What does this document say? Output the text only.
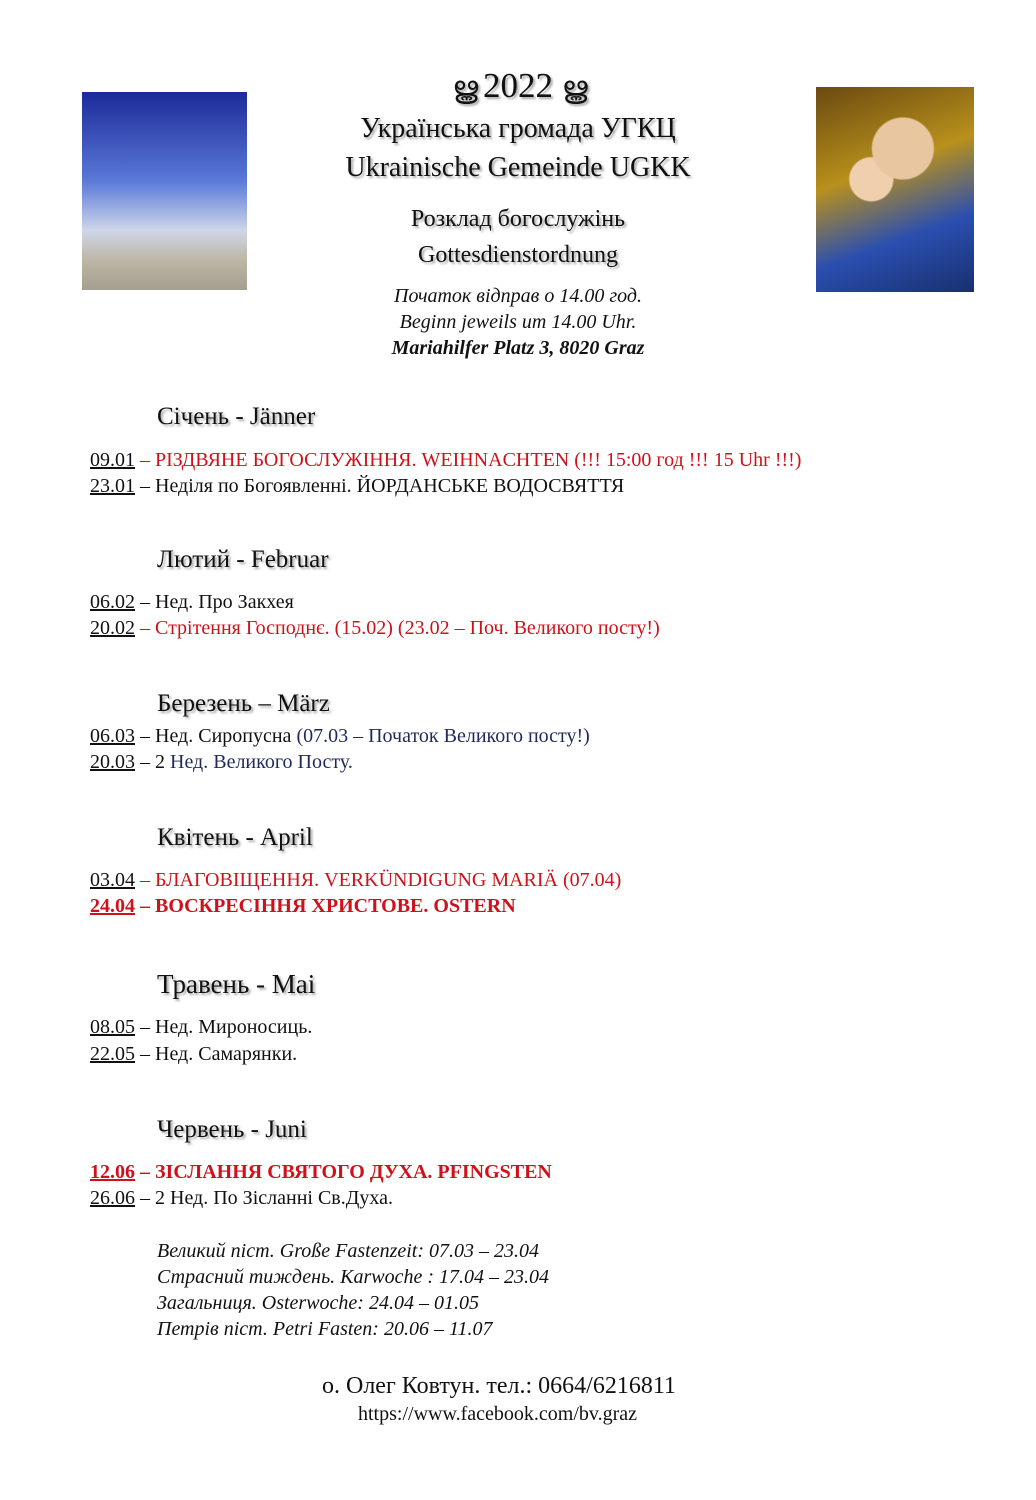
ൠ 2022 ൠ
Українська громада УГКЦ
Ukrainische Gemeinde UGKK
Розклад богослужінь
Gottesdienstordnung
Початок відправ о 14.00 год.
Beginn jeweils um 14.00 Uhr.
Mariahilfer Platz 3, 8020 Graz
Січень - Jänner
09.01 – РІЗДВЯНЕ БОГОСЛУЖІННЯ. WEIHNACHTEN (!!! 15:00 год !!! 15 Uhr !!!)
23.01 – Неділя по Богоявленні. ЙОРДАНСЬКЕ ВОДОСВЯТТЯ
Лютий - Februar
06.02 – Нед. Про Закхея
20.02 – Стрітення Господнє. (15.02) (23.02 – Поч. Великого посту!)
Березень – März
06.03 – Нед. Сиропусна (07.03 – Початок Великого посту!)
20.03 – 2 Нед. Великого Посту.
Квітень - April
03.04 – БЛАГОВІЩЕННЯ. VERKÜNDIGUNG MARIÄ (07.04)
24.04 – ВОСКРЕСІННЯ ХРИСТОВЕ. OSTERN
Травень - Mai
08.05 – Нед. Мироносиць.
22.05 – Нед. Самарянки.
Червень - Juni
12.06 – ЗІСЛАННЯ СВЯТОГО ДУХА. PFINGSTEN
26.06 – 2 Нед. По Зісланні Св.Духа.
Великий піст. Große Fastenzeit: 07.03 – 23.04
Страсний тиждень. Karwoche : 17.04 – 23.04
Загальниця. Osterwoche: 24.04 – 01.05
Петрів піст. Petri Fasten: 20.06 – 11.07
о. Олег Ковтун. тел.: 0664/6216811
https://www.facebook.com/bv.graz
